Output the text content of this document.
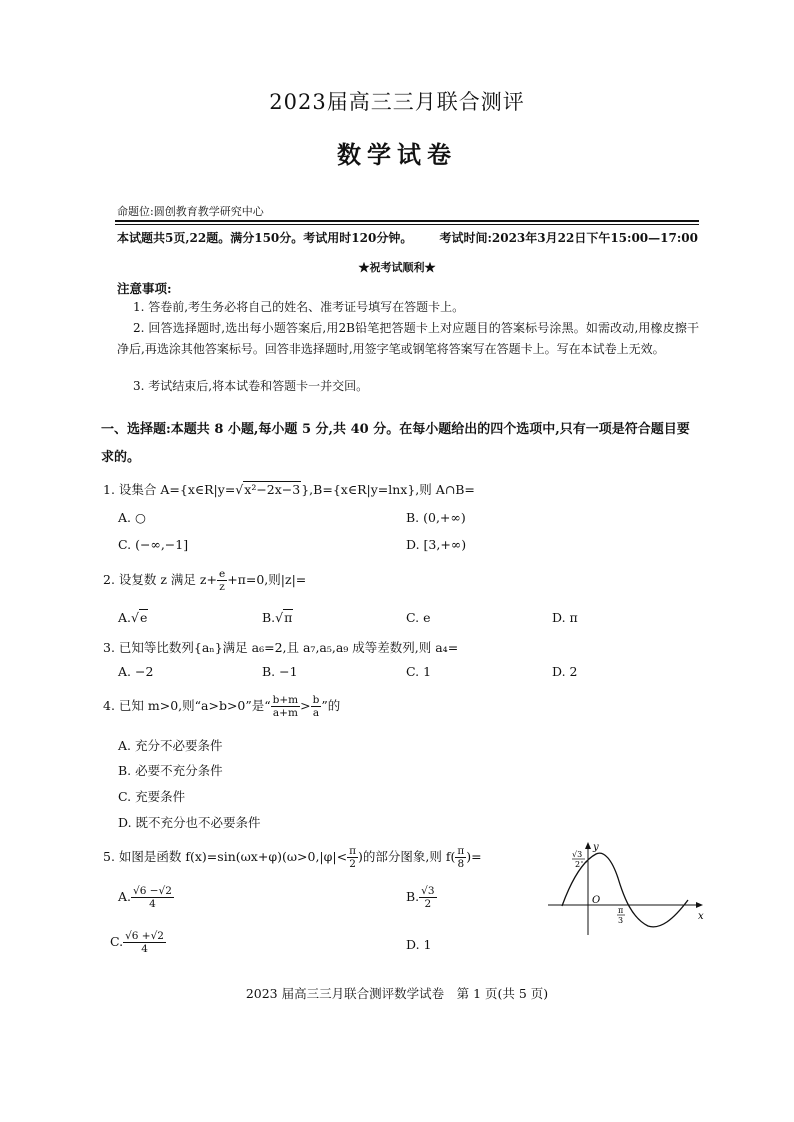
2023届高三三月联合测评
数学试卷
命题位:圆创教育教学研究中心
本试题共5页,22题。满分150分。考试用时120分钟。 考试时间:2023年3月22日下午15:00—17:00
★祝考试顺利★
注意事项:
1. 答卷前,考生务必将自己的姓名、准考证号填写在答题卡上。
2. 回答选择题时,选出每小题答案后,用2B铅笔把答题卡上对应题目的答案标号涂黑。如需改动,用橡皮擦干净后,再选涂其他答案标号。回答非选择题时,用签字笔或钢笔将答案写在答题卡上。写在本试卷上无效。
3. 考试结束后,将本试卷和答题卡一并交回。
一、选择题:本题共 8 小题,每小题 5 分,共 40 分。在每小题给出的四个选项中,只有一项是符合题目要求的。
1. 设集合 A={x∈R|y=√x²−2x−3},B={x∈R|y=lnx},则 A∩B=
A. ○	B. (0,+∞)
C. (−∞,−1]	D. [3,+∞)
2. 设复数 z 满足 $z+ \frac{e}{z} +\pi=0$,则|z|=
A.√e	B.√π	C. e	D. π
3. 已知等比数列{aₙ}满足 a₆=2,且 a₇,a₅,a₉ 成等差数列,则 a₄=
A. −2	B. −1	C. 1	D. 2
4. 已知 m>0,则“a>b>0”是“ $\frac{b+m}{a+m} > \frac{b}{a}$ ”的
A. 充分不必要条件
B. 必要不充分条件
C. 充要条件
D. 既不充分也不必要条件
5. 如图是函数 $f(x)=\sin(\omega x+\varphi)(\omega>0,|\varphi|< \frac{\pi}{2}$ )的部分图象,则 $f( \frac{\pi}{8}$ )=
A. $\frac{√6 -√2}{4}$	B. $\frac{√3}{2}$
C. $\frac{√6 +√2}{4}$	D. 1
y
x
O
√3
2
π
3
2023 届高三三月联合测评数学试卷　第 1 页(共 5 页)
